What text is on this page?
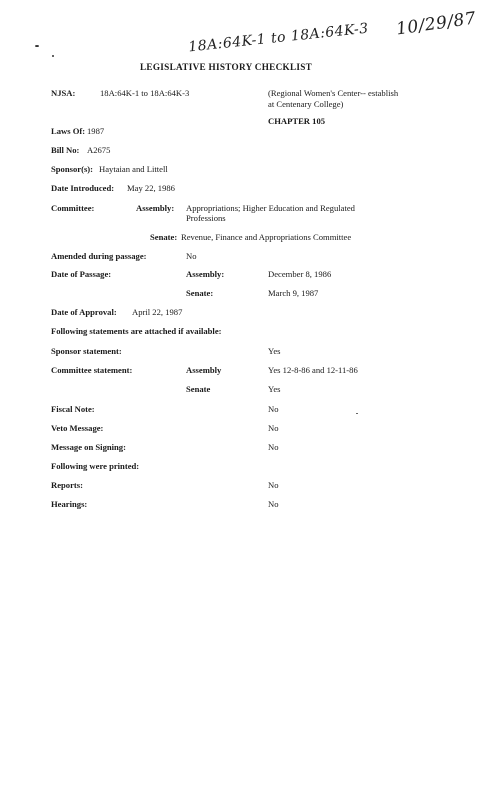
10/29/87
18A:64K-1 to 18A:64K-3
LEGISLATIVE HISTORY CHECKLIST
NJSA:	18A:64K-1 to 18A:64K-3	(Regional Women's Center-- establish
at Centenary College)
CHAPTER 105
Laws Of: 1987
Bill No: A2675
Sponsor(s): Haytaian and Littell
Date Introduced: May 22, 1986
Committee:	Assembly: Appropriations; Higher Education and Regulated
Professions
Senate: Revenue, Finance and Appropriations Committee
Amended during passage:	No
Date of Passage:	Assembly:	December 8, 1986
Senate:	March 9, 1987
Date of Approval: April 22, 1987
Following statements are attached if available:
Sponsor statement:	Yes
Committee statement:	Assembly	Yes 12-8-86 and 12-11-86
Senate	Yes
Fiscal Note:	No
Veto Message:	No
Message on Signing:	No
Following were printed:
Reports:	No
Hearings:	No
